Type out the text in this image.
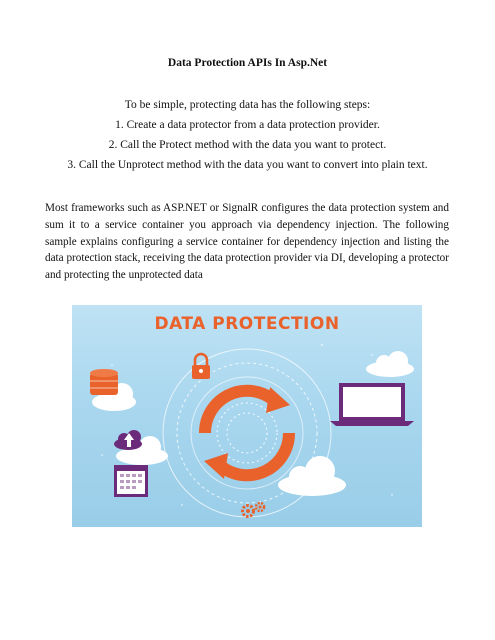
Data Protection APIs In Asp.Net
To be simple, protecting data has the following steps:
1. Create a data protector from a data protection provider.
2. Call the Protect method with the data you want to protect.
3. Call the Unprotect method with the data you want to convert into plain text.
Most frameworks such as ASP.NET or SignalR configures the data protection system and sum it to a service container you approach via dependency injection. The following sample explains configuring a service container for dependency injection and listing the data protection stack, receiving the data protection provider via DI, developing a protector and protecting the unprotected data
DATA PROTECTION
